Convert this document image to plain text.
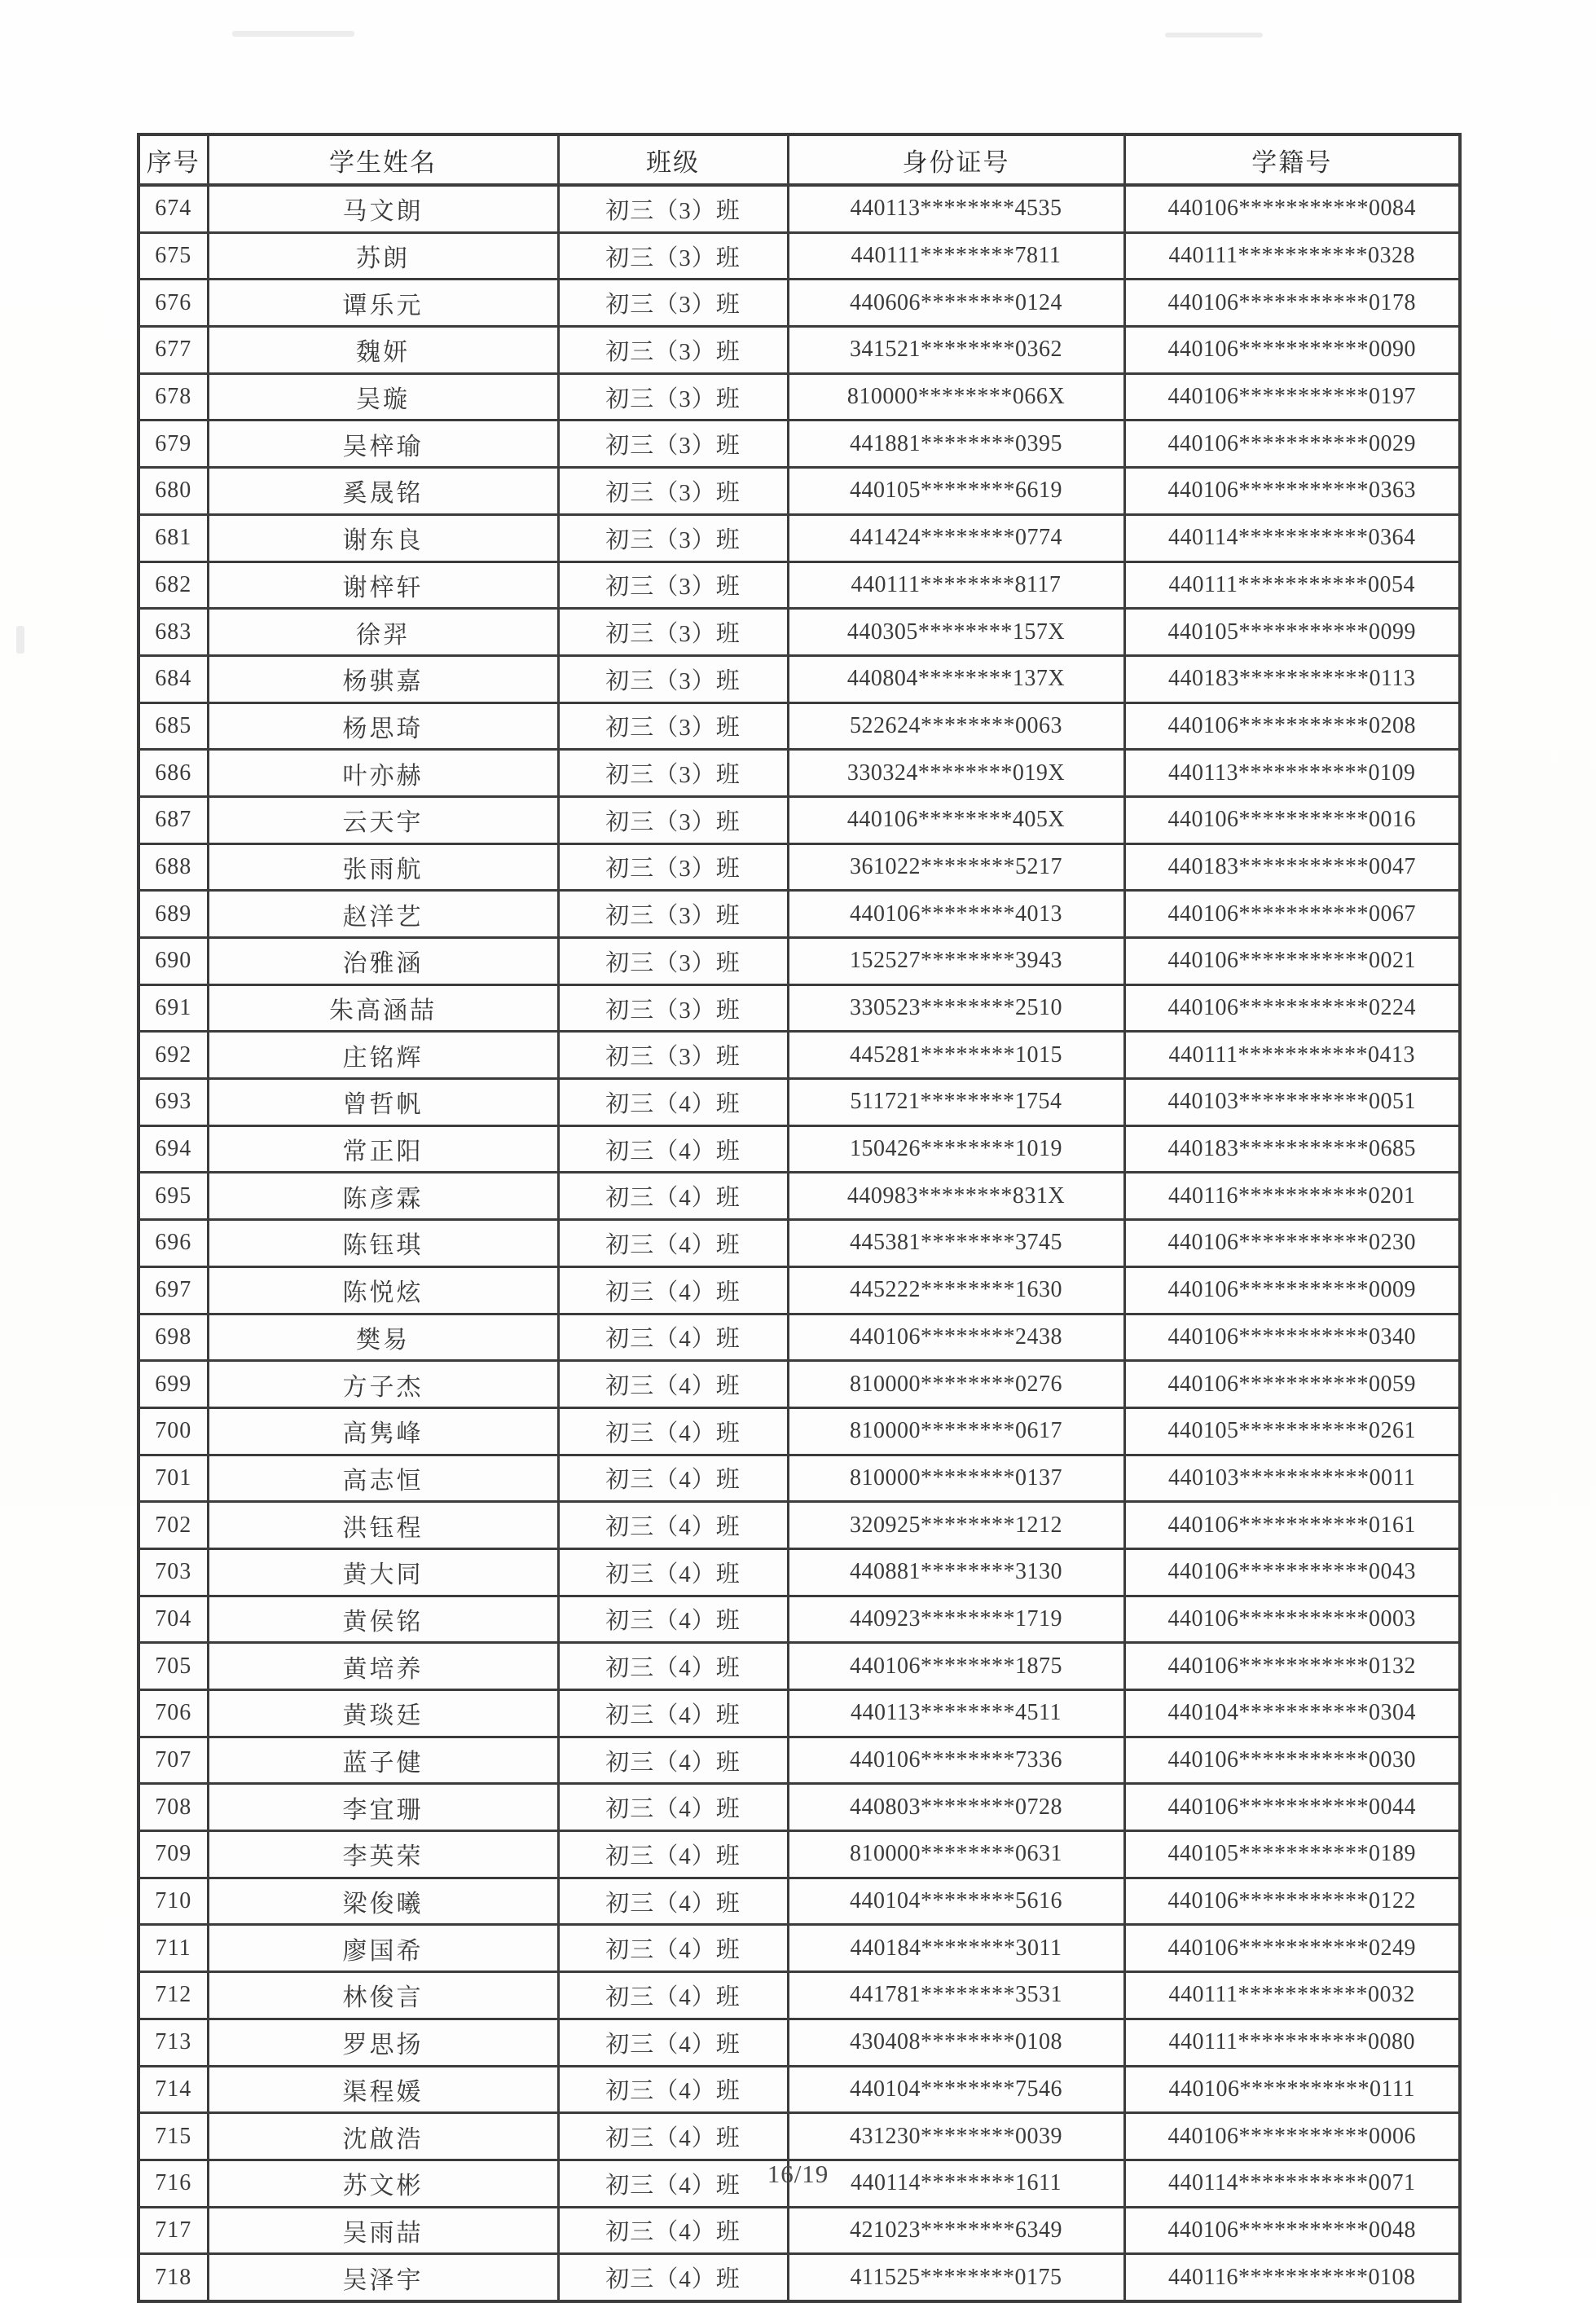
序号	学生姓名	班级	身份证号	学籍号
674	马文朗	初三（3）班	440113********4535	440106***********0084
675	苏朗	初三（3）班	440111********7811	440111***********0328
676	谭乐元	初三（3）班	440606********0124	440106***********0178
677	魏妍	初三（3）班	341521********0362	440106***********0090
678	吴璇	初三（3）班	810000********066X	440106***********0197
679	吴梓瑜	初三（3）班	441881********0395	440106***********0029
680	奚晟铭	初三（3）班	440105********6619	440106***********0363
681	谢东良	初三（3）班	441424********0774	440114***********0364
682	谢梓轩	初三（3）班	440111********8117	440111***********0054
683	徐羿	初三（3）班	440305********157X	440105***********0099
684	杨骐嘉	初三（3）班	440804********137X	440183***********0113
685	杨思琦	初三（3）班	522624********0063	440106***********0208
686	叶亦赫	初三（3）班	330324********019X	440113***********0109
687	云天宇	初三（3）班	440106********405X	440106***********0016
688	张雨航	初三（3）班	361022********5217	440183***********0047
689	赵洋艺	初三（3）班	440106********4013	440106***********0067
690	治雅涵	初三（3）班	152527********3943	440106***********0021
691	朱高涵喆	初三（3）班	330523********2510	440106***********0224
692	庄铭辉	初三（3）班	445281********1015	440111***********0413
693	曾哲帆	初三（4）班	511721********1754	440103***********0051
694	常正阳	初三（4）班	150426********1019	440183***********0685
695	陈彦霖	初三（4）班	440983********831X	440116***********0201
696	陈钰琪	初三（4）班	445381********3745	440106***********0230
697	陈悦炫	初三（4）班	445222********1630	440106***********0009
698	樊易	初三（4）班	440106********2438	440106***********0340
699	方子杰	初三（4）班	810000********0276	440106***********0059
700	高隽峰	初三（4）班	810000********0617	440105***********0261
701	高志恒	初三（4）班	810000********0137	440103***********0011
702	洪钰程	初三（4）班	320925********1212	440106***********0161
703	黄大同	初三（4）班	440881********3130	440106***********0043
704	黄侯铭	初三（4）班	440923********1719	440106***********0003
705	黄培养	初三（4）班	440106********1875	440106***********0132
706	黄琰廷	初三（4）班	440113********4511	440104***********0304
707	蓝子健	初三（4）班	440106********7336	440106***********0030
708	李宜珊	初三（4）班	440803********0728	440106***********0044
709	李英荣	初三（4）班	810000********0631	440105***********0189
710	梁俊曦	初三（4）班	440104********5616	440106***********0122
711	廖国希	初三（4）班	440184********3011	440106***********0249
712	林俊言	初三（4）班	441781********3531	440111***********0032
713	罗思扬	初三（4）班	430408********0108	440111***********0080
714	渠程媛	初三（4）班	440104********7546	440106***********0111
715	沈啟浩	初三（4）班	431230********0039	440106***********0006
716	苏文彬	初三（4）班	440114********1611	440114***********0071
717	吴雨喆	初三（4）班	421023********6349	440106***********0048
718	吴泽宇	初三（4）班	411525********0175	440116***********0108
16/19
